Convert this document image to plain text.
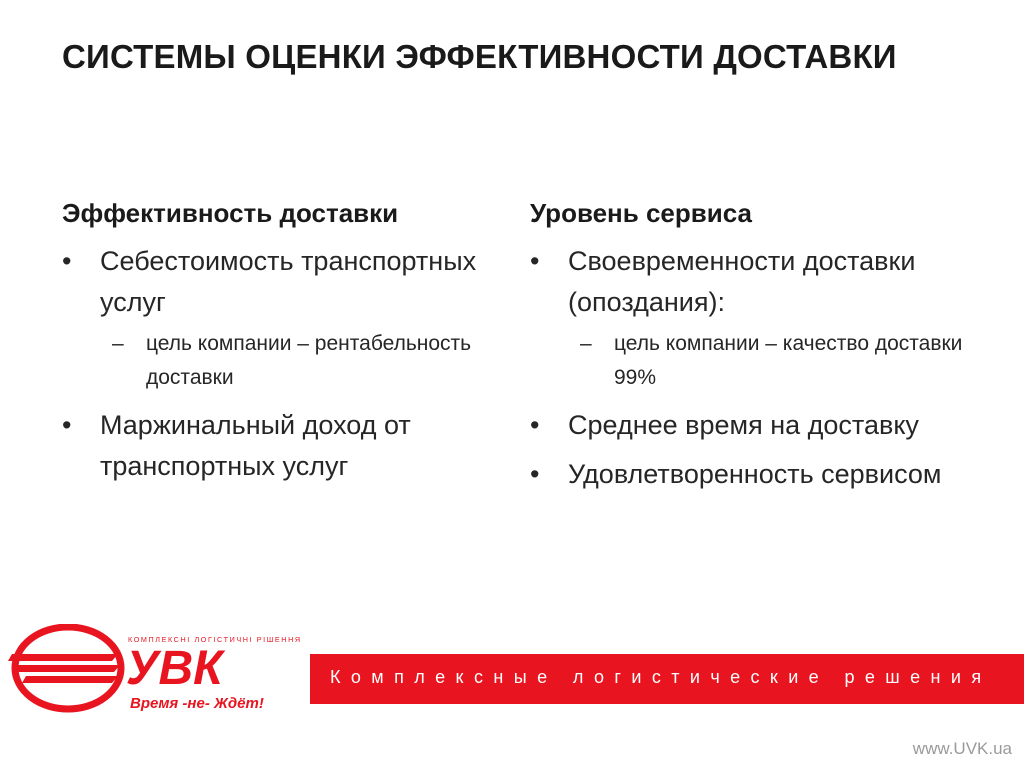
СИСТЕМЫ ОЦЕНКИ ЭФФЕКТИВНОСТИ ДОСТАВКИ
Эффективность доставки
• Себестоимость транспортных услуг
– цель компании – рентабельность доставки
• Маржинальный доход от транспортных услуг
Уровень сервиса
• Своевременности доставки (опоздания):
– цель компании – качество доставки 99%
• Среднее время на доставку
• Удовлетворенность сервисом
УВК
КОМПЛЕКСНІ ЛОГІСТИЧНІ РІШЕННЯ
Время -не- Ждёт!
Комплексные логистические решения
www.UVK.ua
